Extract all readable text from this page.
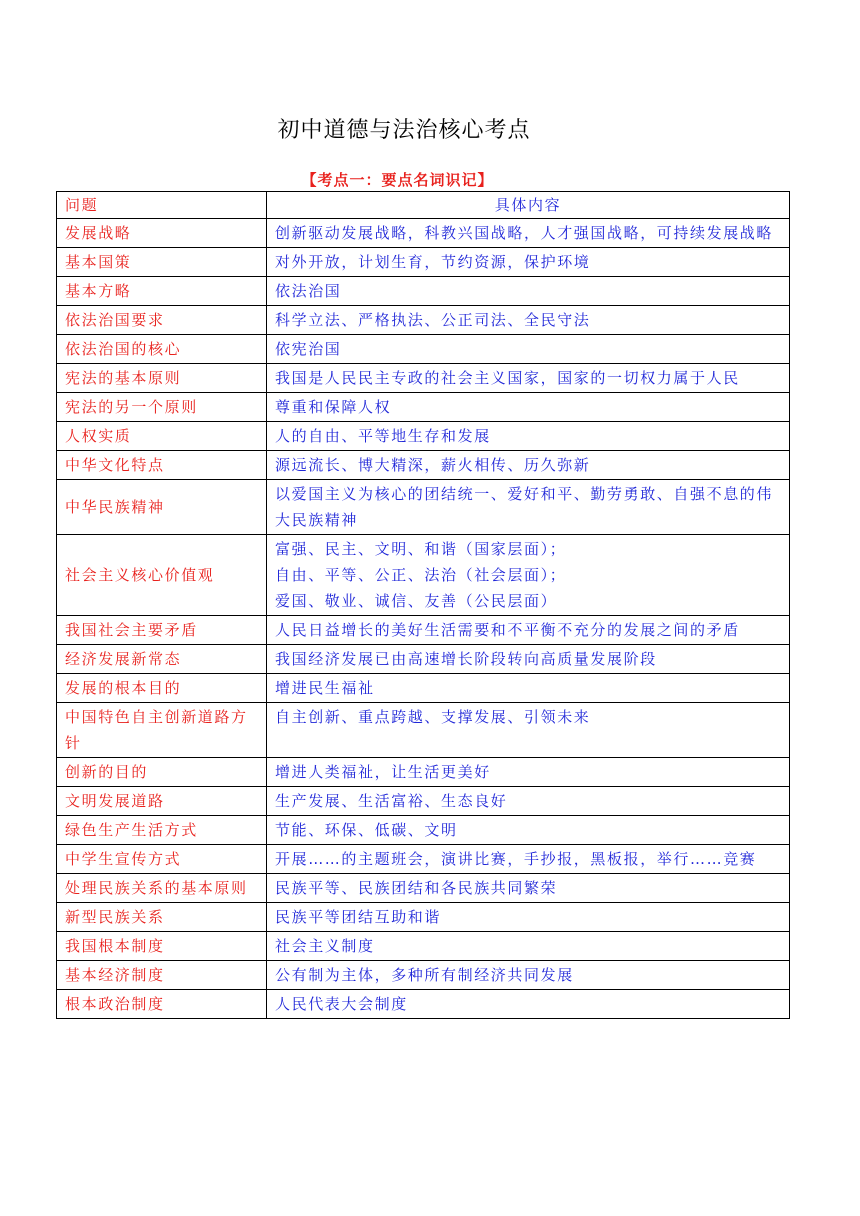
初中道德与法治核心考点
【考点一：要点名词识记】
问题	具体内容
发展战略	创新驱动发展战略，科教兴国战略，人才强国战略，可持续发展战略
基本国策	对外开放，计划生育，节约资源，保护环境
基本方略	依法治国
依法治国要求	科学立法、严格执法、公正司法、全民守法
依法治国的核心	依宪治国
宪法的基本原则	我国是人民民主专政的社会主义国家，国家的一切权力属于人民
宪法的另一个原则	尊重和保障人权
人权实质	人的自由、平等地生存和发展
中华文化特点	源远流长、博大精深，薪火相传、历久弥新
中华民族精神	以爱国主义为核心的团结统一、爱好和平、勤劳勇敢、自强不息的伟大民族精神
社会主义核心价值观	富强、民主、文明、和谐（国家层面）；
自由、平等、公正、法治（社会层面）；
爱国、敬业、诚信、友善（公民层面）

我国社会主要矛盾	人民日益增长的美好生活需要和不平衡不充分的发展之间的矛盾
经济发展新常态	我国经济发展已由高速增长阶段转向高质量发展阶段
发展的根本目的	增进民生福祉
中国特色自主创新道路方针	自主创新、重点跨越、支撑发展、引领未来
创新的目的	增进人类福祉，让生活更美好
文明发展道路	生产发展、生活富裕、生态良好
绿色生产生活方式	节能、环保、低碳、文明
中学生宣传方式	开展……的主题班会，演讲比赛，手抄报，黑板报，举行……竞赛
处理民族关系的基本原则	民族平等、民族团结和各民族共同繁荣
新型民族关系	民族平等团结互助和谐
我国根本制度	社会主义制度
基本经济制度	公有制为主体，多种所有制经济共同发展
根本政治制度	人民代表大会制度
